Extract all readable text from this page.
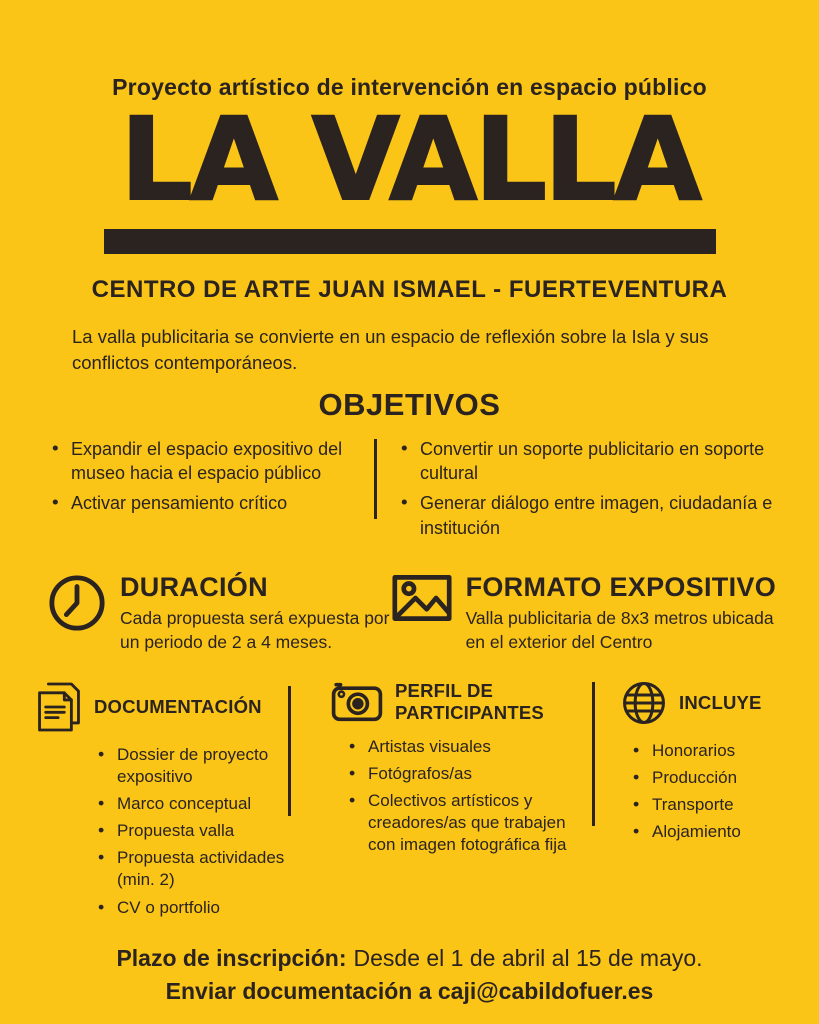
Proyecto artístico de intervención en espacio público
LA VALLA
CENTRO DE ARTE JUAN ISMAEL - FUERTEVENTURA

La valla publicitaria se convierte en un espacio de reflexión sobre la Isla y sus conflictos contemporáneos.

OBJETIVOS
• Expandir el espacio expositivo del museo hacia el espacio público
• Activar pensamiento crítico
• Convertir un soporte publicitario en soporte cultural
• Generar diálogo entre imagen, ciudadanía e institución
DURACIÓN

Cada propuesta será expuesta por un periodo de 2 a 4 meses.

FORMATO EXPOSITIVO

Valla publicitaria de 8x3 metros ubicada en el exterior del Centro

DOCUMENTACIÓN
• Dossier de proyecto expositivo
• Marco conceptual
• Propuesta valla
• Propuesta actividades (min. 2)
• CV o portfolio
PERFIL DE PARTICIPANTES
• Artistas visuales
• Fotógrafos/as
• Colectivos artísticos y creadores/as que trabajen con imagen fotográfica fija
INCLUYE
• Honorarios
• Producción
• Transporte
• Alojamiento

Plazo de inscripción: Desde el 1 de abril al 15 de mayo.

Enviar documentación a caji@cabildofuer.es
